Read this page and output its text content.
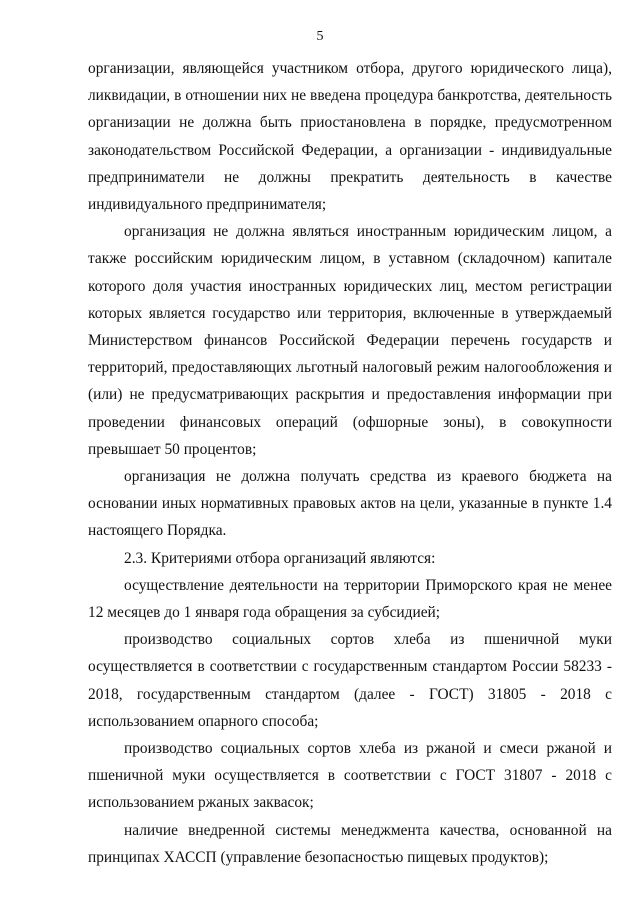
5

организации, являющейся участником отбора, другого юридического лица), ликвидации, в отношении них не введена процедура банкротства, деятельность организации не должна быть приостановлена в порядке, предусмотренном законодательством Российской Федерации, а организации - индивидуальные предприниматели не должны прекратить деятельность в качестве индивидуального предпринимателя;

организация не должна являться иностранным юридическим лицом, а также российским юридическим лицом, в уставном (складочном) капитале которого доля участия иностранных юридических лиц, местом регистрации которых является государство или территория, включенные в утверждаемый Министерством финансов Российской Федерации перечень государств и территорий, предоставляющих льготный налоговый режим налогообложения и (или) не предусматривающих раскрытия и предоставления информации при проведении финансовых операций (офшорные зоны), в совокупности превышает 50 процентов;

организация не должна получать средства из краевого бюджета на основании иных нормативных правовых актов на цели, указанные в пункте 1.4 настоящего Порядка.

2.3. Критериями отбора организаций являются:

осуществление деятельности на территории Приморского края не менее 12 месяцев до 1 января года обращения за субсидией;

производство социальных сортов хлеба из пшеничной муки осуществляется в соответствии с государственным стандартом России 58233 - 2018, государственным стандартом (далее - ГОСТ) 31805 - 2018 с использованием опарного способа;

производство социальных сортов хлеба из ржаной и смеси ржаной и пшеничной муки осуществляется в соответствии с ГОСТ 31807 - 2018 с использованием ржаных заквасок;

наличие внедренной системы менеджмента качества, основанной на принципах ХАССП (управление безопасностью пищевых продуктов);
